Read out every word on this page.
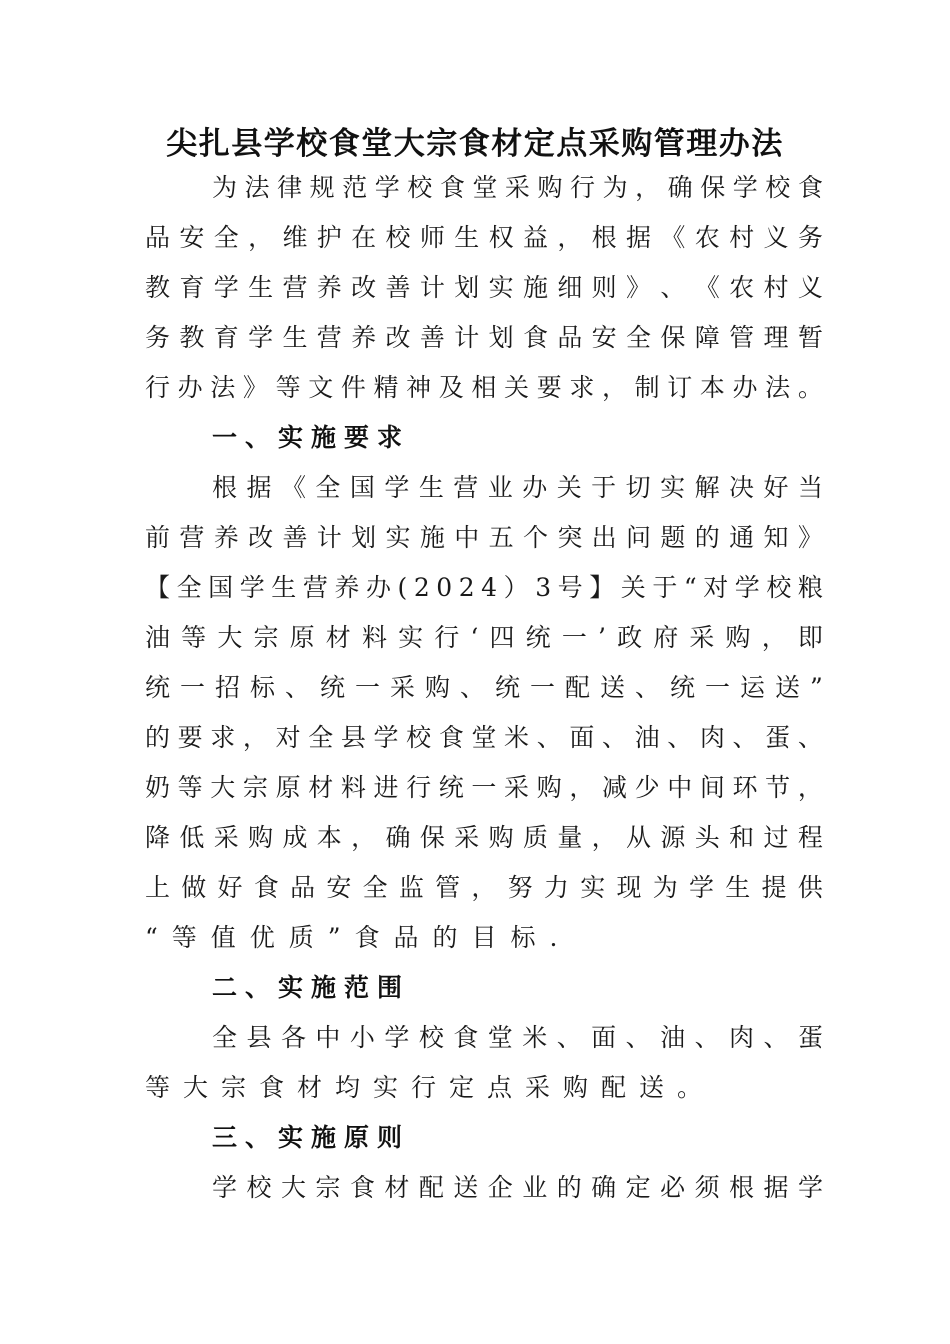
尖扎县学校食堂大宗食材定点采购管理办法
为 法 律 规 范 学 校 食 堂 采 购 行 为 ， 确 保 学 校 食
品 安 全 ， 维 护 在 校 师 生 权 益 ， 根 据 《 农 村 义 务
教 育 学 生 营 养 改 善 计 划 实 施 细 则 》 、 《 农 村 义
务 教 育 学 生 营 养 改 善 计 划 食 品 安 全 保 障 管 理 暂
行 办 法 》 等 文 件 精 神 及 相 关 要 求 ， 制 订 本 办 法 。
一、实施要求
根 据 《 全 国 学 生 营 业 办 关 于 切 实 解 决 好 当
前 营 养 改 善 计 划 实 施 中 五 个 突 出 问 题 的 通 知 》
【 全 国 学 生 营 养 办 ( 2 0 2 4 ） 3 号 】 关 于 “ 对 学 校 粮
油 等 大 宗 原 材 料 实 行 ‘ 四 统 一 ’ 政 府 采 购 ， 即
统 一 招 标 、 统 一 采 购 、 统 一 配 送 、 统 一 运 送 ”
的 要 求 ， 对 全 县 学 校 食 堂 米 、 面 、 油 、 肉 、 蛋 、
奶 等 大 宗 原 材 料 进 行 统 一 采 购 ， 减 少 中 间 环 节 ，
降 低 采 购 成 本 ， 确 保 采 购 质 量 ， 从 源 头 和 过 程
上 做 好 食 品 安 全 监 管 ， 努 力 实 现 为 学 生 提 供
“等值优质”食品的目标.
二、实施范围
全 县 各 中 小 学 校 食 堂 米 、 面 、 油 、 肉 、 蛋
等大宗食材均实行定点采购配送。
三、实施原则
学 校 大 宗 食 材 配 送 企 业 的 确 定 必 须 根 据 学
